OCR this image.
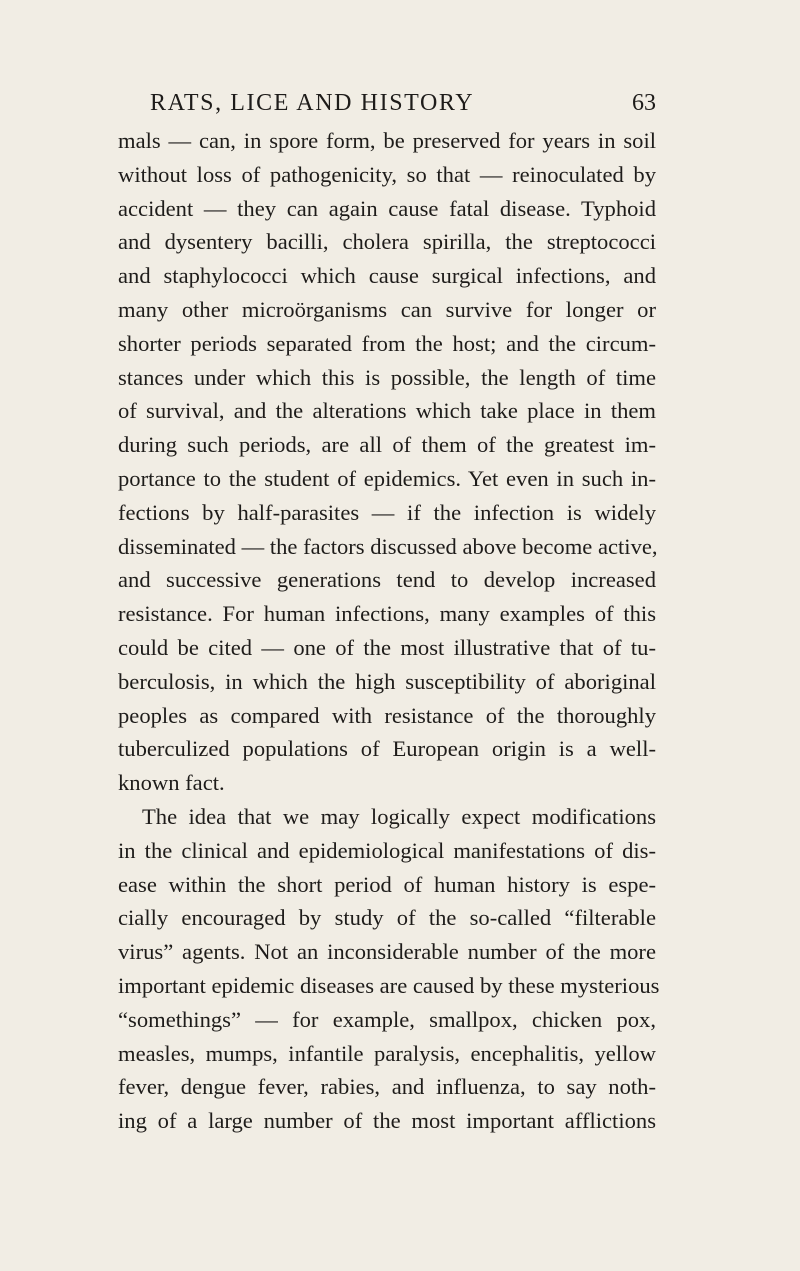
RATS, LICE AND HISTORY	63
mals — can, in spore form, be preserved for years in soil
without loss of pathogenicity, so that — reinoculated by
accident — they can again cause fatal disease. Typhoid
and dysentery bacilli, cholera spirilla, the streptococci
and staphylococci which cause surgical infections, and
many other microörganisms can survive for longer or
shorter periods separated from the host; and the circum-
stances under which this is possible, the length of time
of survival, and the alterations which take place in them
during such periods, are all of them of the greatest im-
portance to the student of epidemics. Yet even in such in-
fections by half-parasites — if the infection is widely
disseminated — the factors discussed above become active,
and successive generations tend to develop increased
resistance. For human infections, many examples of this
could be cited — one of the most illustrative that of tu-
berculosis, in which the high susceptibility of aboriginal
peoples as compared with resistance of the thoroughly
tuberculized populations of European origin is a well-
known fact.
The idea that we may logically expect modifications
in the clinical and epidemiological manifestations of dis-
ease within the short period of human history is espe-
cially encouraged by study of the so-called “filterable
virus” agents. Not an inconsiderable number of the more
important epidemic diseases are caused by these mysterious
“somethings” — for example, smallpox, chicken pox,
measles, mumps, infantile paralysis, encephalitis, yellow
fever, dengue fever, rabies, and influenza, to say noth-
ing of a large number of the most important afflictions
